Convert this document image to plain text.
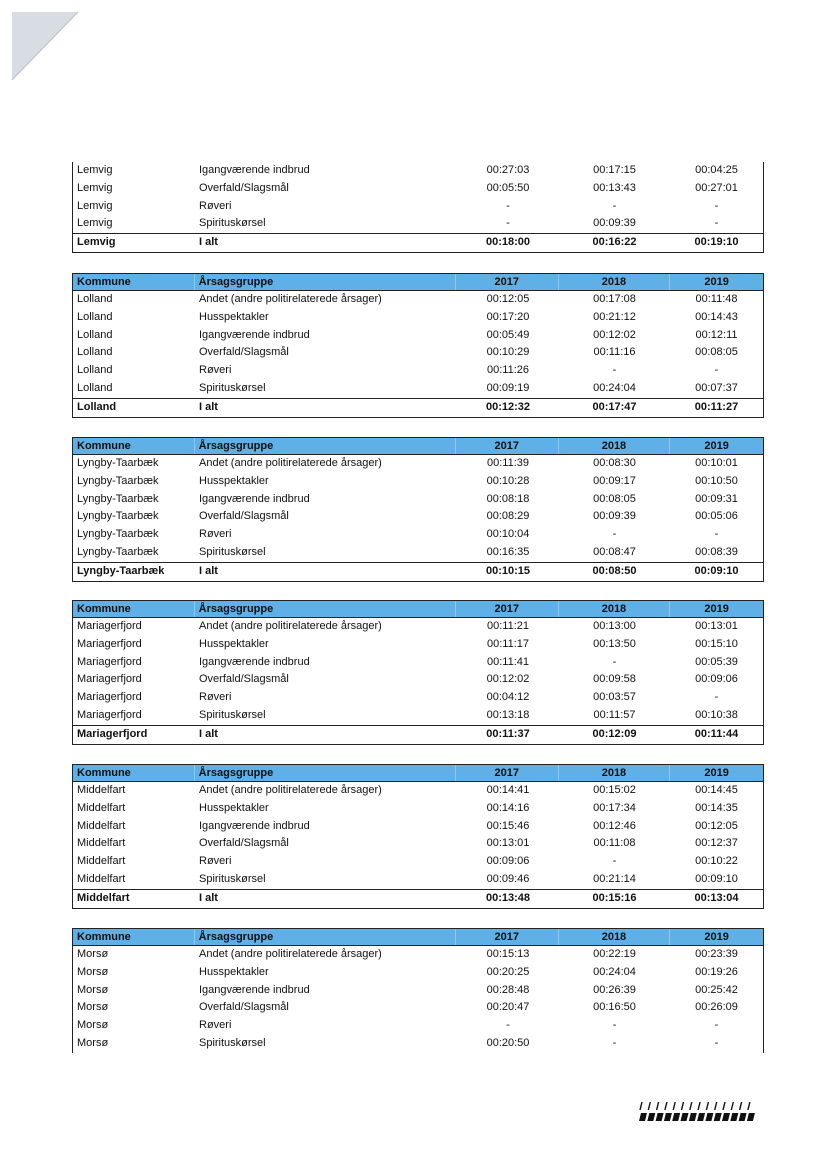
Lemvig	Igangværende indbrud	00:27:03	00:17:15	00:04:25
Lemvig	Overfald/Slagsmål	00:05:50	00:13:43	00:27:01
Lemvig	Røveri	-	-	-
Lemvig	Spirituskørsel	-	00:09:39	-
Lemvig	I alt	00:18:00	00:16:22	00:19:10
Kommune	Årsagsgruppe	2017	2018	2019
Lolland	Andet (andre politirelaterede årsager)	00:12:05	00:17:08	00:11:48
Lolland	Husspektakler	00:17:20	00:21:12	00:14:43
Lolland	Igangværende indbrud	00:05:49	00:12:02	00:12:11
Lolland	Overfald/Slagsmål	00:10:29	00:11:16	00:08:05
Lolland	Røveri	00:11:26	-	-
Lolland	Spirituskørsel	00:09:19	00:24:04	00:07:37
Lolland	I alt	00:12:32	00:17:47	00:11:27
Kommune	Årsagsgruppe	2017	2018	2019
Lyngby-Taarbæk	Andet (andre politirelaterede årsager)	00:11:39	00:08:30	00:10:01
Lyngby-Taarbæk	Husspektakler	00:10:28	00:09:17	00:10:50
Lyngby-Taarbæk	Igangværende indbrud	00:08:18	00:08:05	00:09:31
Lyngby-Taarbæk	Overfald/Slagsmål	00:08:29	00:09:39	00:05:06
Lyngby-Taarbæk	Røveri	00:10:04	-	-
Lyngby-Taarbæk	Spirituskørsel	00:16:35	00:08:47	00:08:39
Lyngby-Taarbæk	I alt	00:10:15	00:08:50	00:09:10
Kommune	Årsagsgruppe	2017	2018	2019
Mariagerfjord	Andet (andre politirelaterede årsager)	00:11:21	00:13:00	00:13:01
Mariagerfjord	Husspektakler	00:11:17	00:13:50	00:15:10
Mariagerfjord	Igangværende indbrud	00:11:41	-	00:05:39
Mariagerfjord	Overfald/Slagsmål	00:12:02	00:09:58	00:09:06
Mariagerfjord	Røveri	00:04:12	00:03:57	-
Mariagerfjord	Spirituskørsel	00:13:18	00:11:57	00:10:38
Mariagerfjord	I alt	00:11:37	00:12:09	00:11:44
Kommune	Årsagsgruppe	2017	2018	2019
Middelfart	Andet (andre politirelaterede årsager)	00:14:41	00:15:02	00:14:45
Middelfart	Husspektakler	00:14:16	00:17:34	00:14:35
Middelfart	Igangværende indbrud	00:15:46	00:12:46	00:12:05
Middelfart	Overfald/Slagsmål	00:13:01	00:11:08	00:12:37
Middelfart	Røveri	00:09:06	-	00:10:22
Middelfart	Spirituskørsel	00:09:46	00:21:14	00:09:10
Middelfart	I alt	00:13:48	00:15:16	00:13:04
Kommune	Årsagsgruppe	2017	2018	2019
Morsø	Andet (andre politirelaterede årsager)	00:15:13	00:22:19	00:23:39
Morsø	Husspektakler	00:20:25	00:24:04	00:19:26
Morsø	Igangværende indbrud	00:28:48	00:26:39	00:25:42
Morsø	Overfald/Slagsmål	00:20:47	00:16:50	00:26:09
Morsø	Røveri	-	-	-
Morsø	Spirituskørsel	00:20:50	-	-
